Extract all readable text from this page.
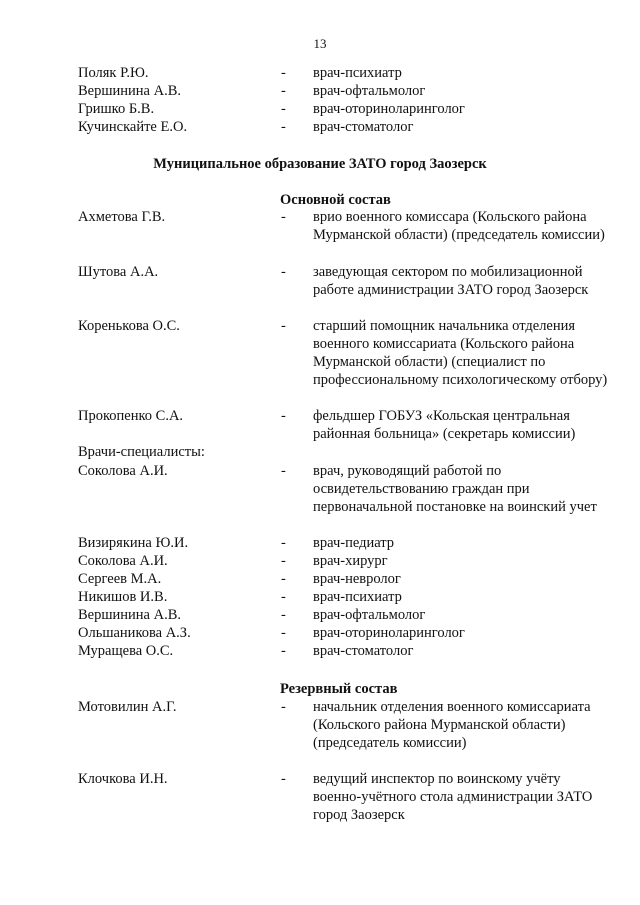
13
Поляк Р.Ю.	- врач-психиатр
Вершинина А.В.	- врач-офтальмолог
Гришко Б.В.	- врач-оториноларинголог
Кучинскайте Е.О.	- врач-стоматолог
Муниципальное образование ЗАТО город Заозерск
Основной состав
Ахметова Г.В.	- врио военного комиссара (Кольского района Мурманской области) (председатель комиссии)
Шутова А.А.	- заведующая сектором по мобилизационной работе администрации ЗАТО город Заозерск
Коренькова О.С.	- старший помощник начальника отделения военного комиссариата (Кольского района Мурманской области) (специалист по профессиональному психологическому отбору)
Прокопенко С.А.	- фельдшер ГОБУЗ «Кольская центральная районная больница» (секретарь комиссии)
Врачи-специалисты:
Соколова А.И.	- врач, руководящий работой по освидетельствованию граждан при первоначальной постановке на воинский учет
Визирякина Ю.И.	- врач-педиатр
Соколова А.И.	- врач-хирург
Сергеев М.А.	- врач-невролог
Никишов И.В.	- врач-психиатр
Вершинина А.В.	- врач-офтальмолог
Ольшаникова А.З.	- врач-оториноларинголог
Муращева О.С.	- врач-стоматолог
Резервный состав
Мотовилин А.Г.	- начальник отделения военного комиссариата (Кольского района Мурманской области) (председатель комиссии)
Клочкова И.Н.	- ведущий инспектор по воинскому учёту военно-учётного стола администрации ЗАТО город Заозерск
